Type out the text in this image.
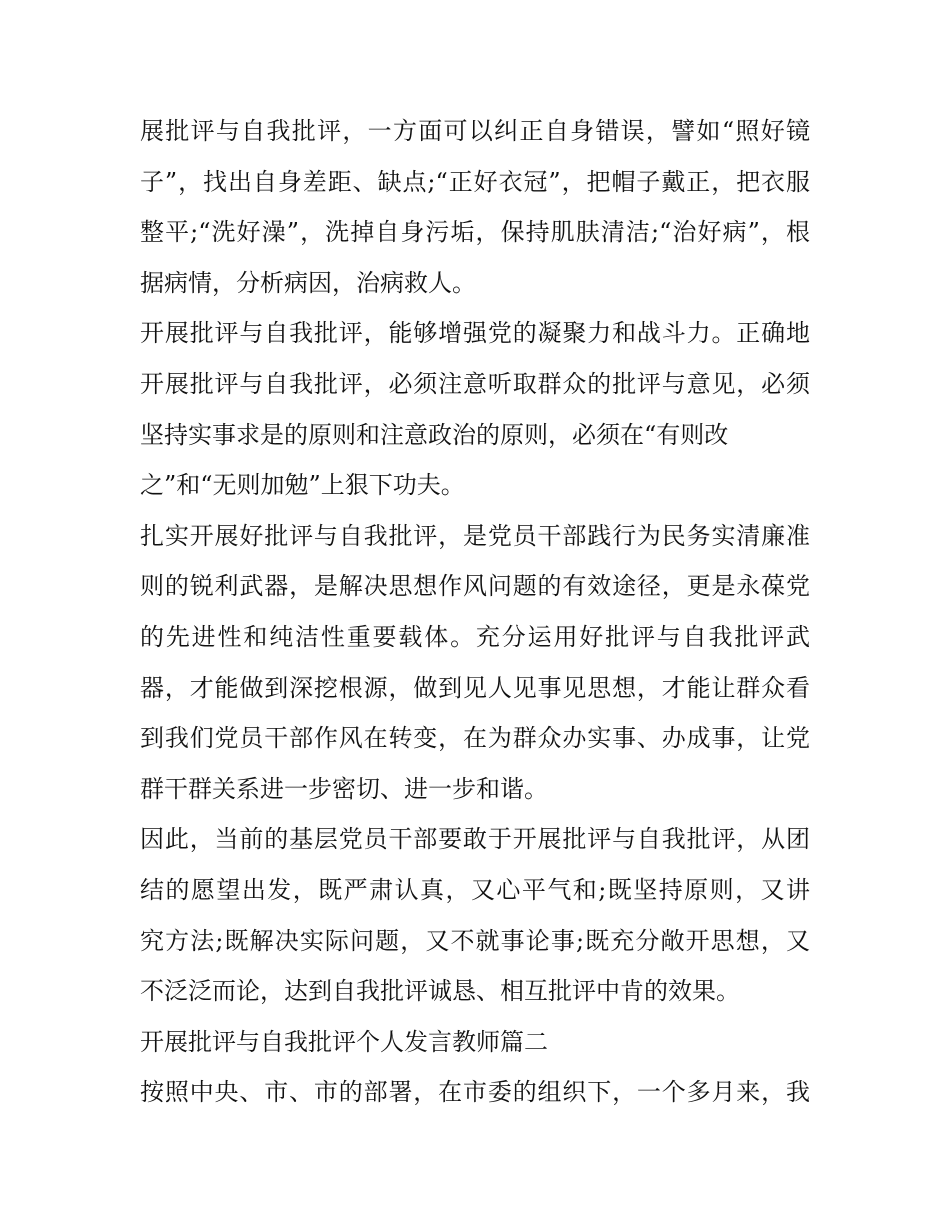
展批评与自我批评，一方面可以纠正自身错误，譬如“照好镜
子”，找出自身差距、缺点;“正好衣冠”，把帽子戴正，把衣服
整平;“洗好澡”，洗掉自身污垢，保持肌肤清洁;“治好病”，根
据病情，分析病因，治病救人。
开展批评与自我批评，能够增强党的凝聚力和战斗力。正确地
开展批评与自我批评，必须注意听取群众的批评与意见，必须
坚持实事求是的原则和注意政治的原则，必须在“有则改
之”和“无则加勉”上狠下功夫。
扎实开展好批评与自我批评，是党员干部践行为民务实清廉准
则的锐利武器，是解决思想作风问题的有效途径，更是永葆党
的先进性和纯洁性重要载体。充分运用好批评与自我批评武
器，才能做到深挖根源，做到见人见事见思想，才能让群众看
到我们党员干部作风在转变，在为群众办实事、办成事，让党
群干群关系进一步密切、进一步和谐。
因此，当前的基层党员干部要敢于开展批评与自我批评，从团
结的愿望出发，既严肃认真，又心平气和;既坚持原则，又讲
究方法;既解决实际问题，又不就事论事;既充分敞开思想，又
不泛泛而论，达到自我批评诚恳、相互批评中肯的效果。
开展批评与自我批评个人发言教师篇二
按照中央、市、市的部署，在市委的组织下，一个多月来，我
